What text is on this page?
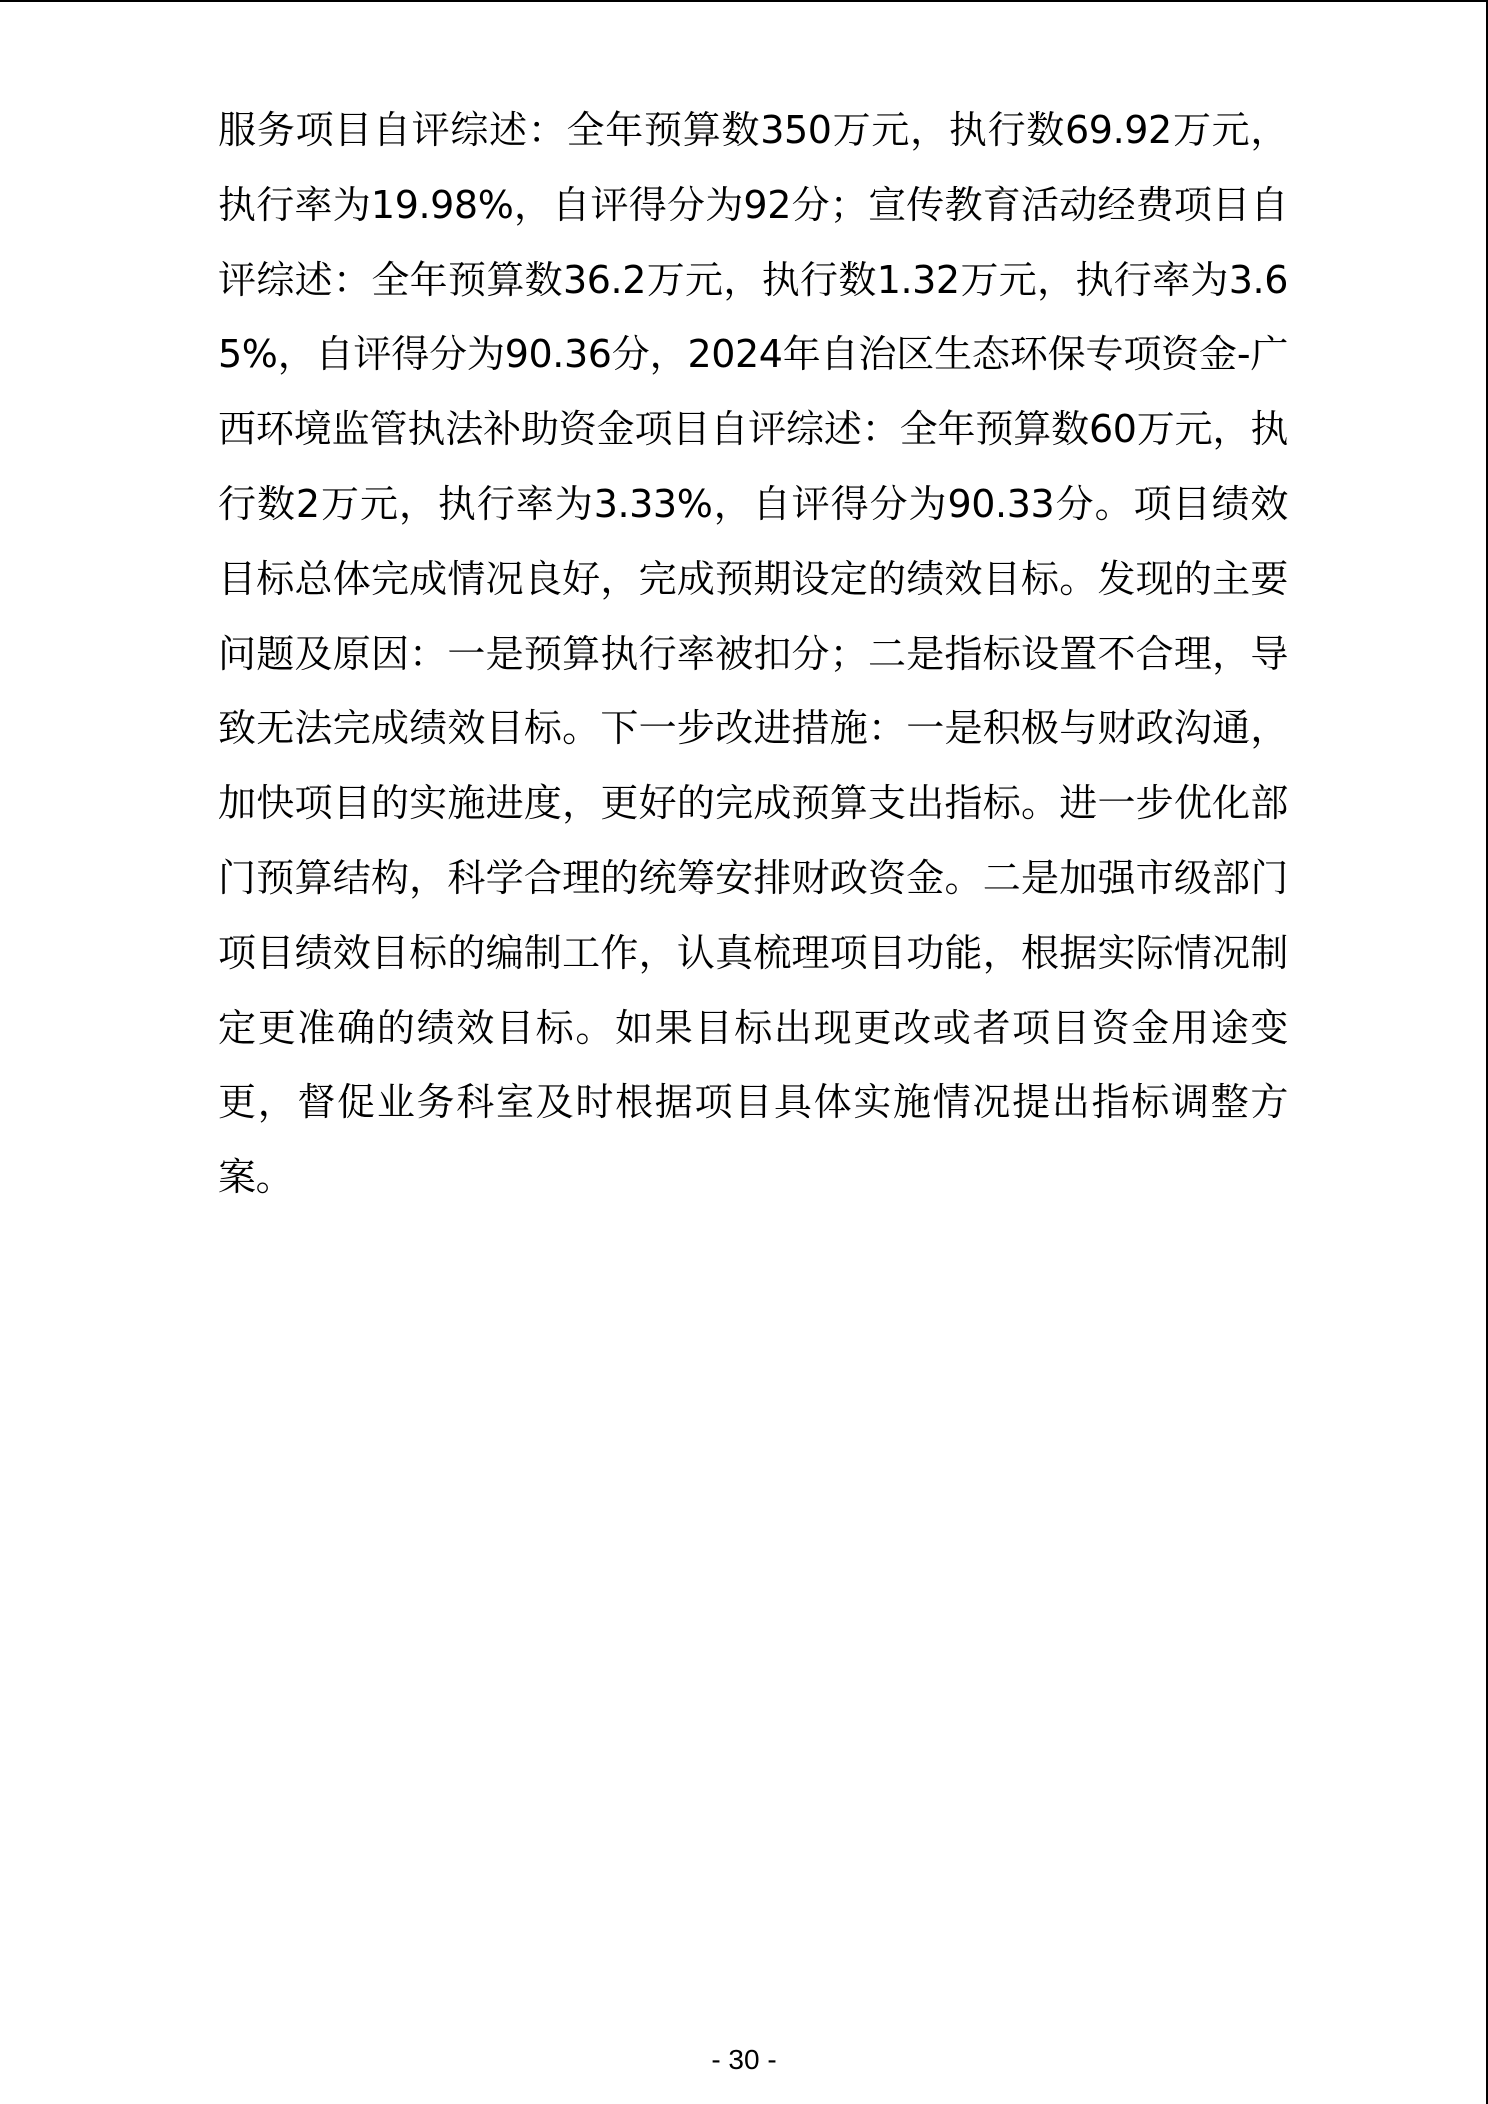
服务项目自评综述：全年预算数350万元，执行数69.92万元，执行率为19.98%，自评得分为92分；宣传教育活动经费项目自评综述：全年预算数36.2万元，执行数1.32万元，执行率为3.65%，自评得分为90.36分，2024年自治区生态环保专项资金-广西环境监管执法补助资金项目自评综述：全年预算数60万元，执行数2万元，执行率为3.33%，自评得分为90.33分。项目绩效目标总体完成情况良好，完成预期设定的绩效目标。发现的主要问题及原因：一是预算执行率被扣分；二是指标设置不合理，导致无法完成绩效目标。下一步改进措施：一是积极与财政沟通，加快项目的实施进度，更好的完成预算支出指标。进一步优化部门预算结构，科学合理的统筹安排财政资金。二是加强市级部门项目绩效目标的编制工作，认真梳理项目功能，根据实际情况制定更准确的绩效目标。如果目标出现更改或者项目资金用途变更，督促业务科室及时根据项目具体实施情况提出指标调整方案。

- 30 -
